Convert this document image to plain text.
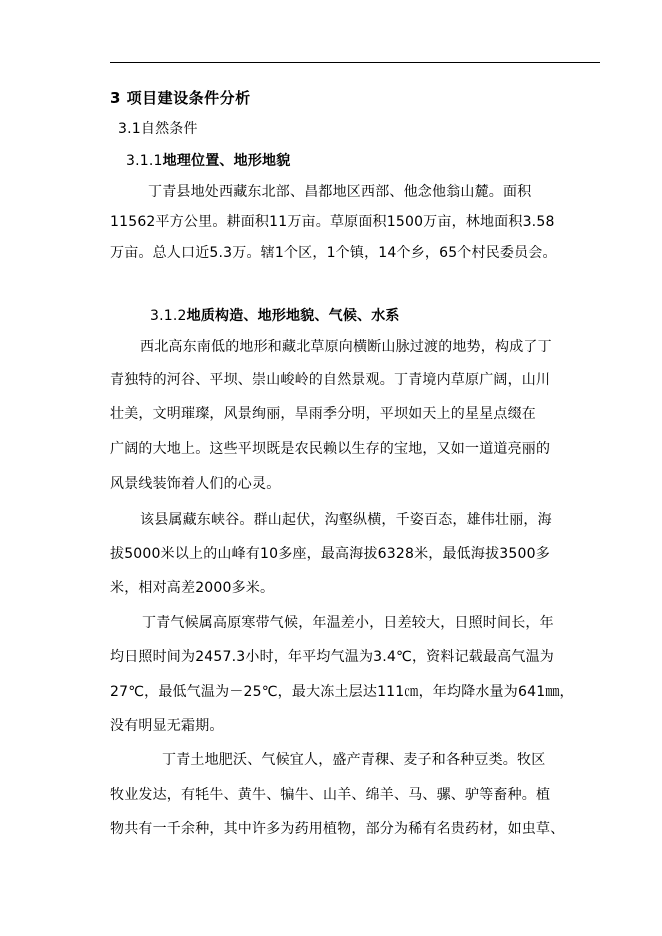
3 项目建设条件分析
3.1自然条件
3.1.1地理位置、地形地貌
丁青县地处西藏东北部、昌都地区西部、他念他翁山麓。面积
11562平方公里。耕面积11万亩。草原面积1500万亩，林地面积3.58
万亩。总人口近5.3万。辖1个区，1个镇，14个乡，65个村民委员会。
3.1.2地质构造、地形地貌、气候、水系
西北高东南低的地形和藏北草原向横断山脉过渡的地势，构成了丁
青独特的河谷、平坝、崇山峻岭的自然景观。丁青境内草原广阔，山川
壮美，文明璀璨，风景绚丽，旱雨季分明，平坝如天上的星星点缀在
广阔的大地上。这些平坝既是农民赖以生存的宝地，又如一道道亮丽的
风景线装饰着人们的心灵。
该县属藏东峡谷。群山起伏，沟壑纵横，千姿百态，雄伟壮丽，海
拔5000米以上的山峰有10多座，最高海拔6328米，最低海拔3500多
米，相对高差2000多米。
丁青气候属高原寒带气候，年温差小，日差较大，日照时间长，年
均日照时间为2457.3小时，年平均气温为3.4℃，资料记载最高气温为
27℃，最低气温为－25℃，最大冻土层达111㎝，年均降水量为641㎜，
没有明显无霜期。
丁青土地肥沃、气候宜人，盛产青稞、麦子和各种豆类。牧区
牧业发达，有牦牛、黄牛、犏牛、山羊、绵羊、马、骡、驴等畜种。植
物共有一千余种，其中许多为药用植物，部分为稀有名贵药材，如虫草、
